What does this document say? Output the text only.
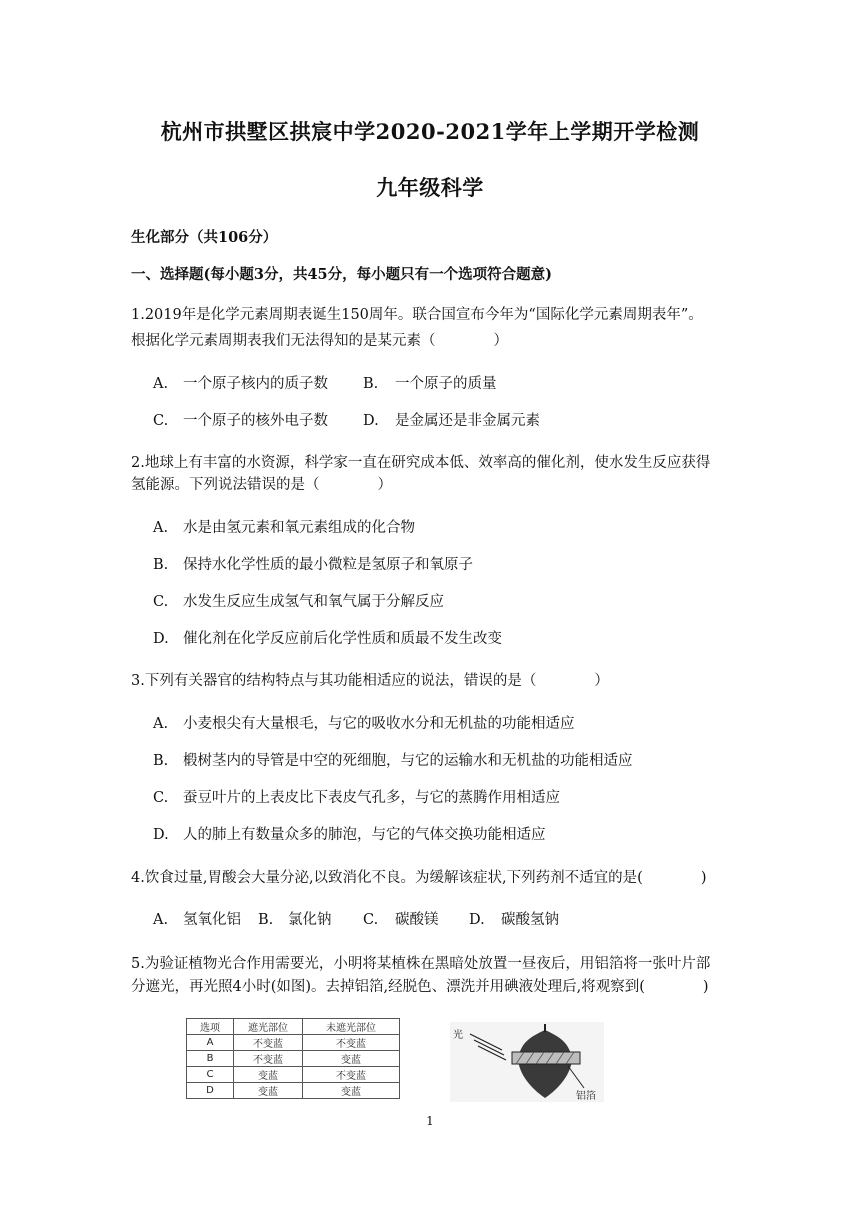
杭州市拱墅区拱宸中学2020-2021学年上学期开学检测
九年级科学
生化部分（共106分）
一、选择题(每小题3分，共45分，每小题只有一个选项符合题意)
1.2019年是化学元素周期表诞生150周年。联合国宣布今年为“国际化学元素周期表年”。
根据化学元素周期表我们无法得知的是某元素（　　　　）
A. 一个原子核内的质子数 B. 一个原子的质量
C. 一个原子的核外电子数 D. 是金属还是非金属元素
2.地球上有丰富的水资源，科学家一直在研究成本低、效率高的催化剂，使水发生反应获得
氢能源。下列说法错误的是（　　　　）
A. 水是由氢元素和氧元素组成的化合物
B. 保持水化学性质的最小微粒是氢原子和氧原子
C. 水发生反应生成氢气和氧气属于分解反应
D. 催化剂在化学反应前后化学性质和质最不发生改变
3.下列有关器官的结构特点与其功能相适应的说法，错误的是（　　　　）
A. 小麦根尖有大量根毛，与它的吸收水分和无机盐的功能相适应
B. 椴树茎内的导管是中空的死细胞，与它的运输水和无机盐的功能相适应
C. 蚕豆叶片的上表皮比下表皮气孔多，与它的蒸腾作用相适应
D. 人的肺上有数量众多的肺泡，与它的气体交换功能相适应
4.饮食过量,胃酸会大量分泌,以致消化不良。为缓解该症状,下列药剂不适宜的是(　　　　)
A. 氢氧化铝 B. 氯化钠 C. 碳酸镁 D. 碳酸氢钠
5.为验证植物光合作用需要光，小明将某植株在黑暗处放置一昼夜后，用铝箔将一张叶片部
分遮光，再光照4小时(如图)。去掉铝箔,经脱色、漂洗并用碘液处理后,将观察到(　　　　)
选项	遮光部位	未遮光部位
A	不变蓝	不变蓝
B	不变蓝	变蓝
C	变蓝	不变蓝
D	变蓝	变蓝
光
铝箔
1
